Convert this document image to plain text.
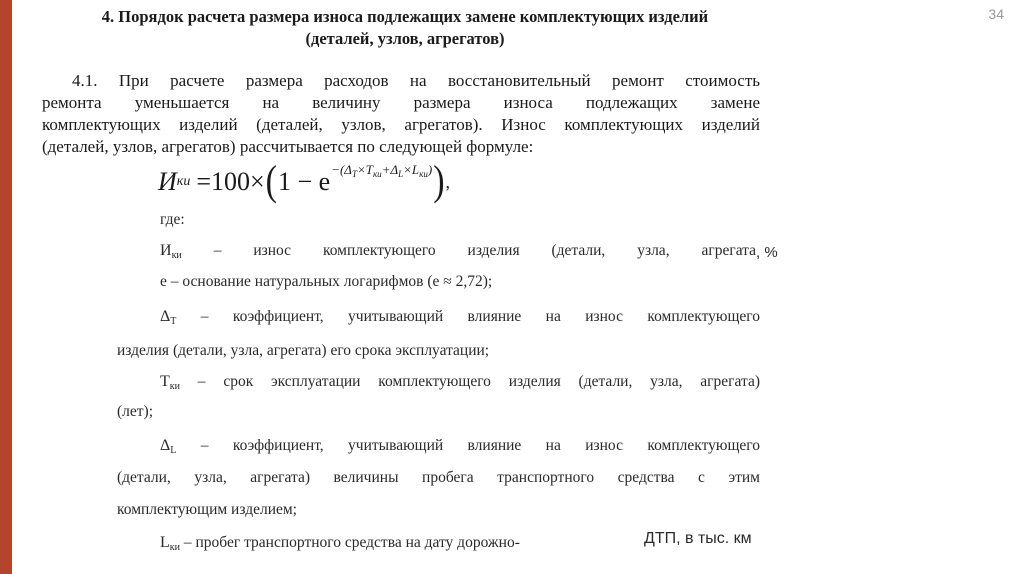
34
4. Порядок расчета размера износа подлежащих замене комплектующих изделий
(деталей, узлов, агрегатов)
4.1. При расчете размера расходов на восстановительный ремонт стоимость
ремонта уменьшается на величину размера износа подлежащих замене
комплектующих изделий (деталей, узлов, агрегатов). Износ комплектующих изделий
(деталей, узлов, агрегатов) рассчитывается по следующей формуле:
И ки =100× ( $1 - e -(\Delta_T\times T_{ки}+\Delta_L\times L_{ки})$ ) ,
где:
Ики – износ комплектующего изделия (детали, узла, агрегата , %
е – основание натуральных логарифмов (е ≈ 2,72);
ΔТ – коэффициент, учитывающий влияние на износ комплектующего
изделия (детали, узла, агрегата) его срока эксплуатации;
Тки – срок эксплуатации комплектующего изделия (детали, узла, агрегата)
(лет);
ΔL – коэффициент, учитывающий влияние на износ комплектующего
(детали, узла, агрегата) величины пробега транспортного средства с этим
комплектующим изделием;
Lки – пробег транспортного средства на дату дорожно-	ДТП, в тыс. км
